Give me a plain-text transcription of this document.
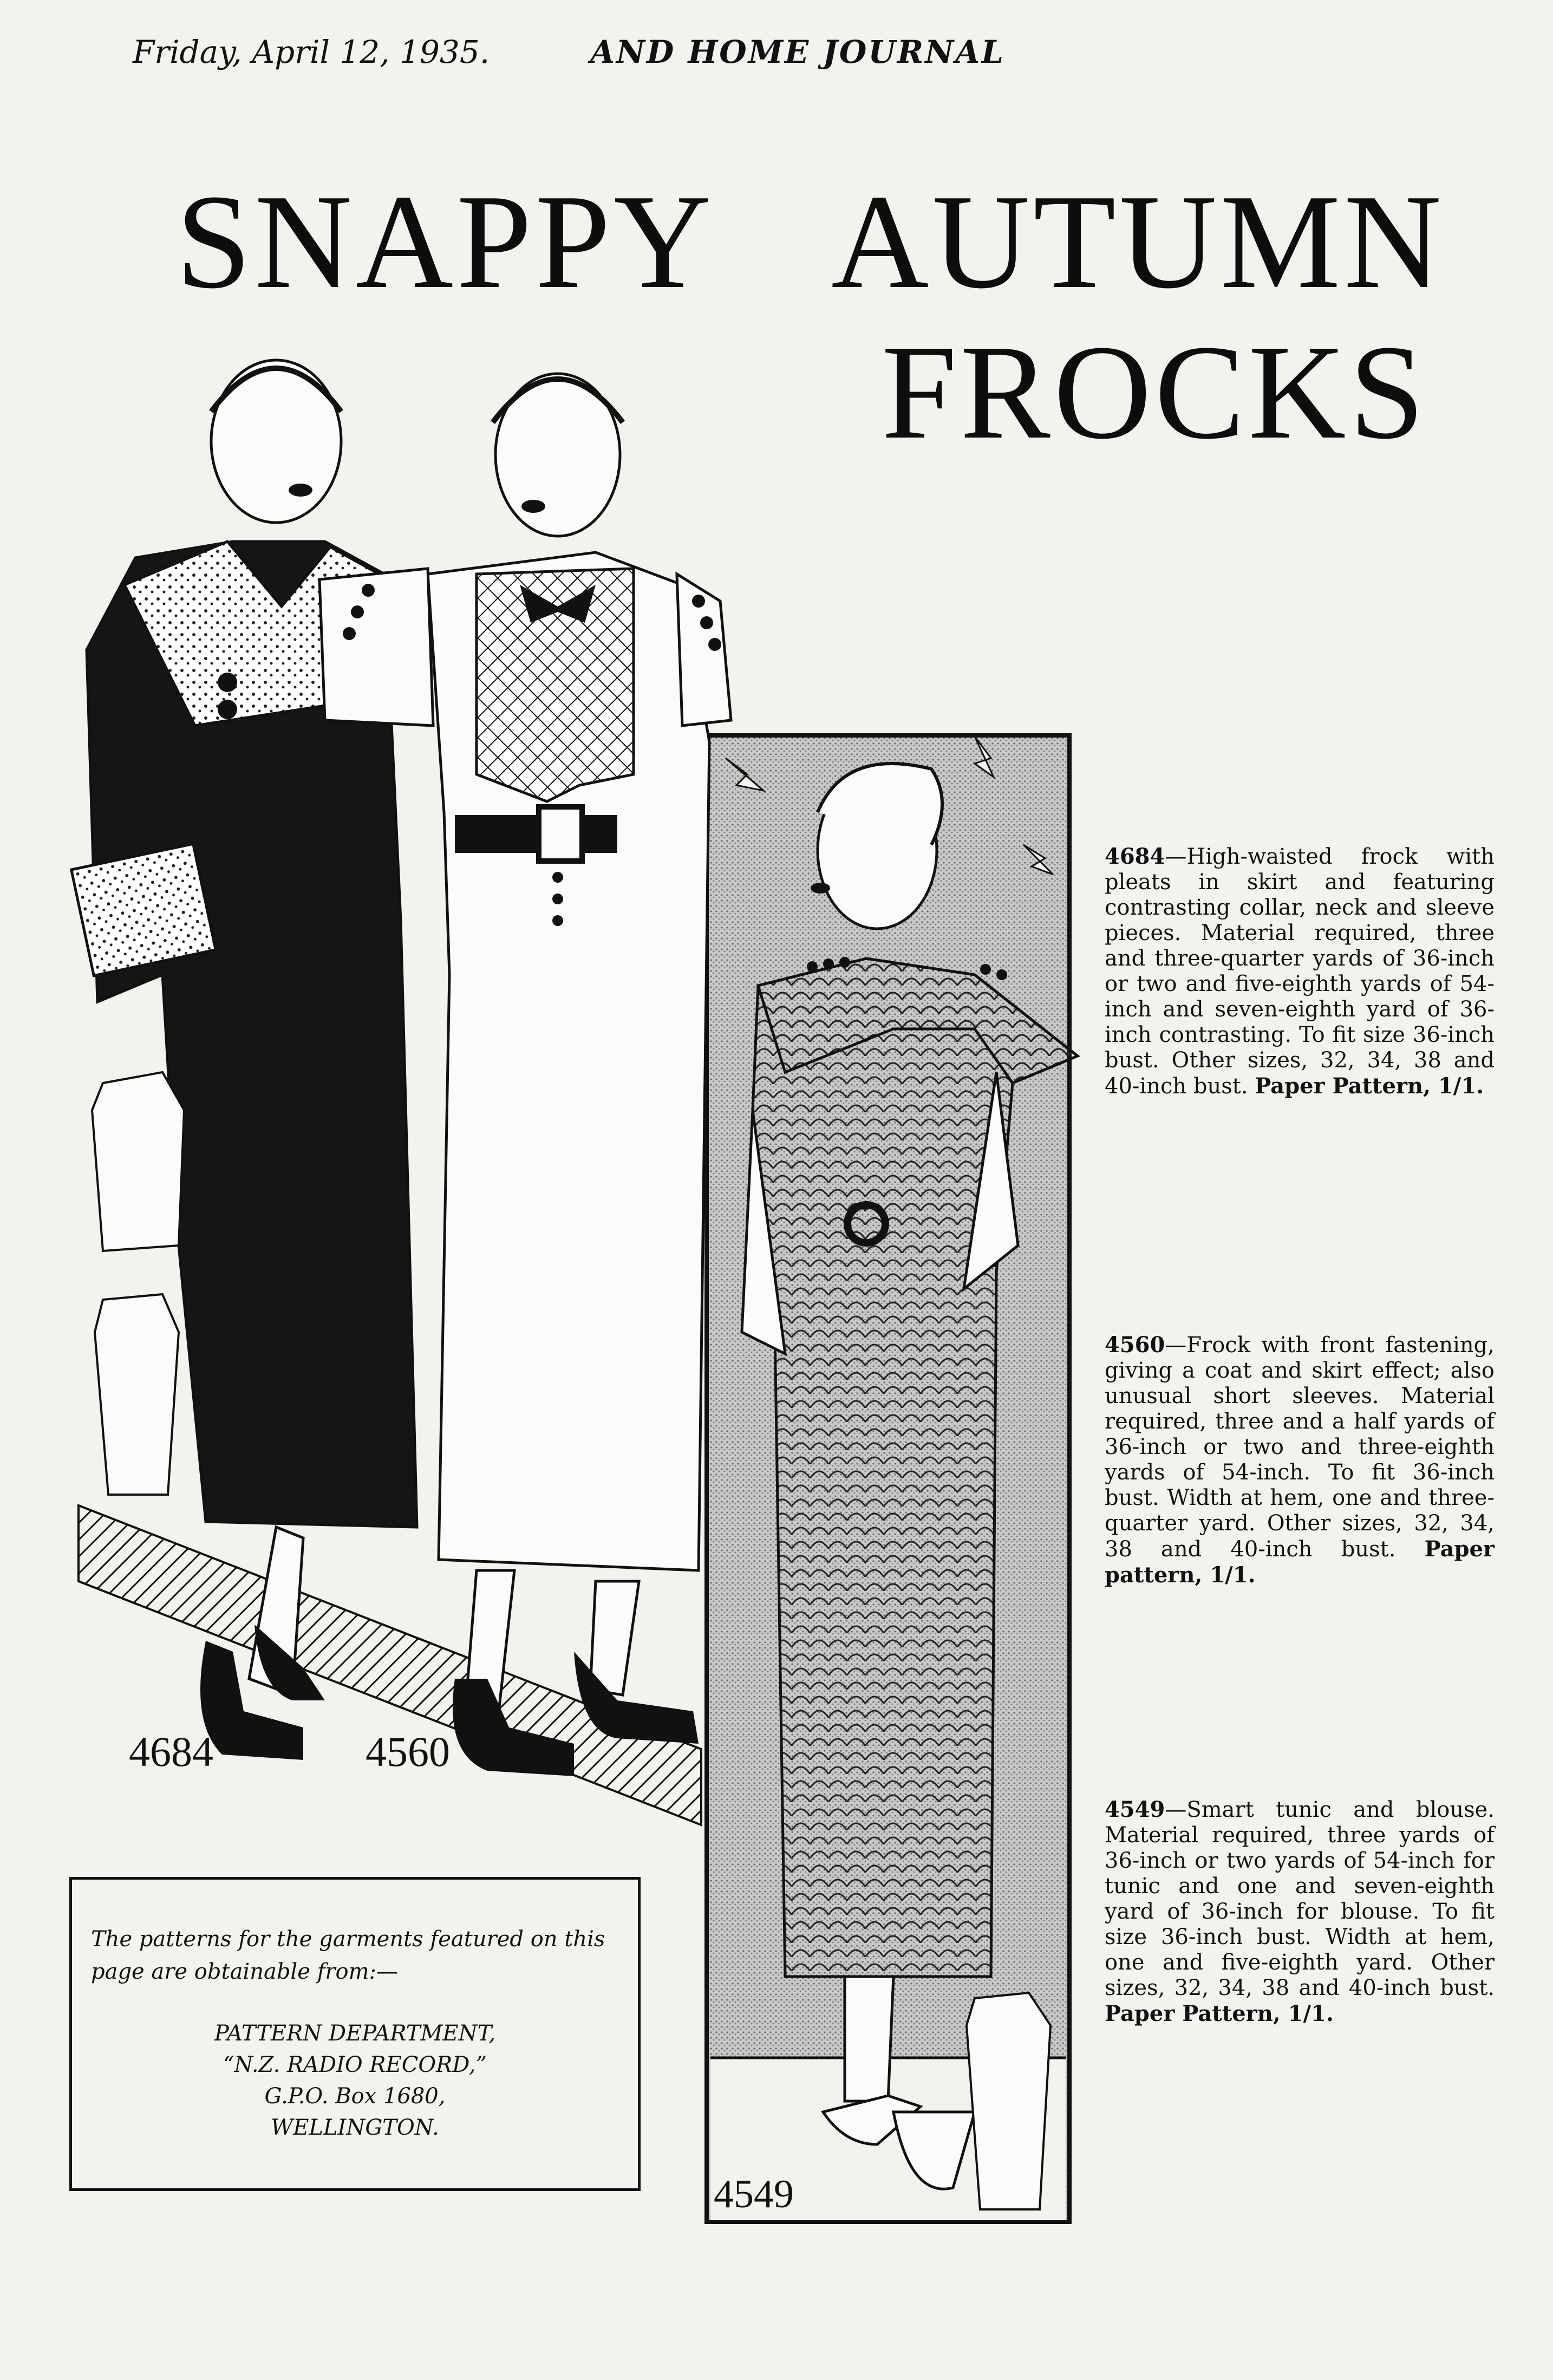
Friday, April 12, 1935.	AND HOME JOURNAL
SNAPPY AUTUMN
FROCKS
4684	4560
4549
4684—High-waisted frock with pleats in skirt and featuring contrasting collar, neck and sleeve pieces. Material required, three and three-quarter yards of 36-inch or two and five-eighth yards of 54-inch and seven-eighth yard of 36-inch contrasting. To fit size 36-inch bust. Other sizes, 32, 34, 38 and 40-inch bust. Paper Pattern, 1/1.
4560—Frock with front fastening, giving a coat and skirt effect; also unusual short sleeves. Material required, three and a half yards of 36-inch or two and three-eighth yards of 54-inch. To fit 36-inch bust. Width at hem, one and three-quarter yard. Other sizes, 32, 34, 38 and 40-inch bust. Paper pattern, 1/1.
4549—Smart tunic and blouse. Material required, three yards of 36-inch or two yards of 54-inch for tunic and one and seven-eighth yard of 36-inch for blouse. To fit size 36-inch bust. Width at hem, one and five-eighth yard. Other sizes, 32, 34, 38 and 40-inch bust. Paper Pattern, 1/1.
The patterns for the garments featured on this page are obtainable from:—
PATTERN DEPARTMENT,
“N.Z. RADIO RECORD,”
G.P.O. Box 1680,
WELLINGTON.
